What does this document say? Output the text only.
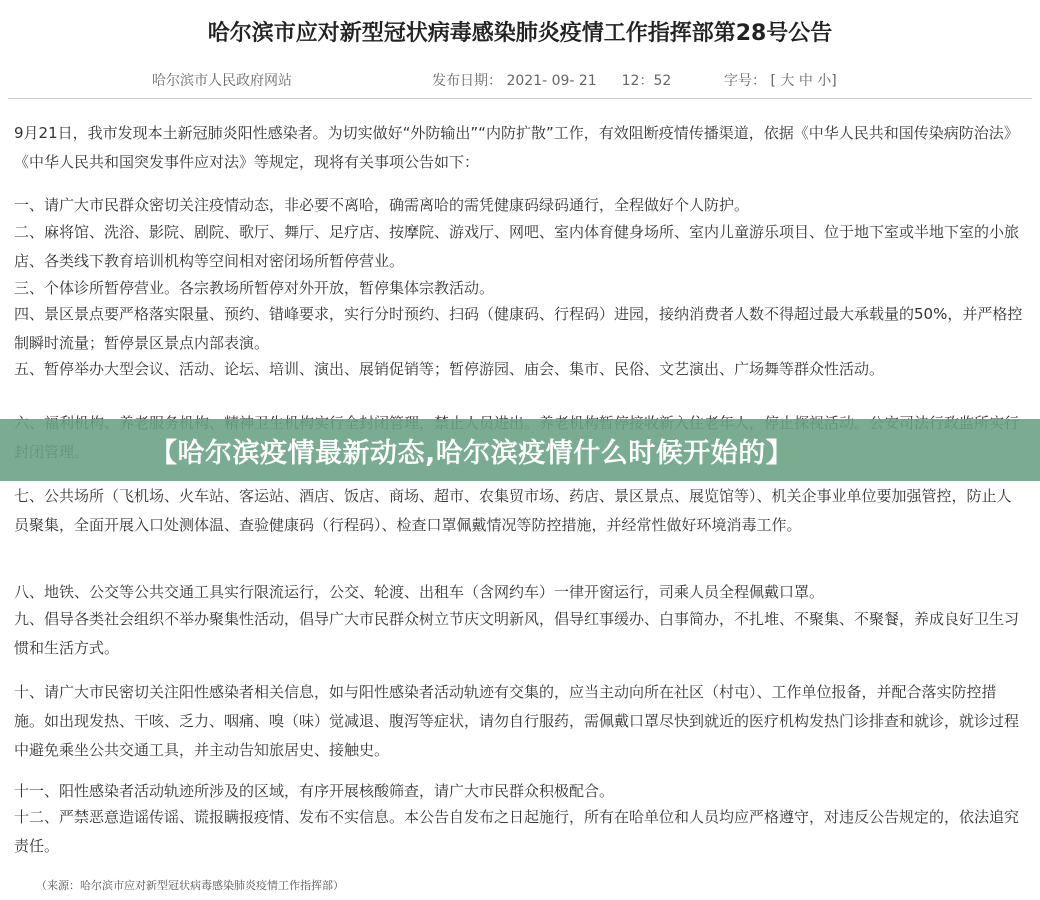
哈尔滨市应对新型冠状病毒感染肺炎疫情工作指挥部第28号公告
哈尔滨市人民政府网站	发布日期： 2021- 09- 21 12：52	字号： [ 大 中 小]

9月21日，我市发现本土新冠肺炎阳性感染者。为切实做好“外防输出”“内防扩散”工作，有效阻断疫情传播渠道，依据《中华人民共和国传染病防治法》《中华人民共和国突发事件应对法》等规定，现将有关事项公告如下：

一、请广大市民群众密切关注疫情动态，非必要不离哈，确需离哈的需凭健康码绿码通行，全程做好个人防护。

二、麻将馆、洗浴、影院、剧院、歌厅、舞厅、足疗店、按摩院、游戏厅、网吧、室内体育健身场所、室内儿童游乐项目、位于地下室或半地下室的小旅店、各类线下教育培训机构等空间相对密闭场所暂停营业。

三、个体诊所暂停营业。各宗教场所暂停对外开放，暂停集体宗教活动。

四、景区景点要严格落实限量、预约、错峰要求，实行分时预约、扫码（健康码、行程码）进园，接纳消费者人数不得超过最大承载量的50%，并严格控制瞬时流量；暂停景区景点内部表演。

五、暂停举办大型会议、活动、论坛、培训、演出、展销促销等；暂停游园、庙会、集市、民俗、文艺演出、广场舞等群众性活动。

七、公共场所（飞机场、火车站、客运站、酒店、饭店、商场、超市、农集贸市场、药店、景区景点、展览馆等）、机关企事业单位要加强管控，防止人员聚集，全面开展入口处测体温、查验健康码（行程码）、检查口罩佩戴情况等防控措施，并经常性做好环境消毒工作。

八、地铁、公交等公共交通工具实行限流运行，公交、轮渡、出租车（含网约车）一律开窗运行，司乘人员全程佩戴口罩。

九、倡导各类社会组织不举办聚集性活动，倡导广大市民群众树立节庆文明新风，倡导红事缓办、白事简办，不扎堆、不聚集、不聚餐，养成良好卫生习惯和生活方式。

十、请广大市民密切关注阳性感染者相关信息，如与阳性感染者活动轨迹有交集的，应当主动向所在社区（村屯）、工作单位报备，并配合落实防控措施。如出现发热、干咳、乏力、咽痛、嗅（味）觉减退、腹泻等症状，请勿自行服药，需佩戴口罩尽快到就近的医疗机构发热门诊排查和就诊，就诊过程中避免乘坐公共交通工具，并主动告知旅居史、接触史。

十一、阳性感染者活动轨迹所涉及的区域，有序开展核酸筛查，请广大市民群众积极配合。

十二、严禁恶意造谣传谣、谎报瞒报疫情、发布不实信息。本公告自发布之日起施行，所有在哈单位和人员均应严格遵守，对违反公告规定的，依法追究责任。

（来源：哈尔滨市应对新型冠状病毒感染肺炎疫情工作指挥部）
【哈尔滨疫情最新动态,哈尔滨疫情什么时候开始的】
